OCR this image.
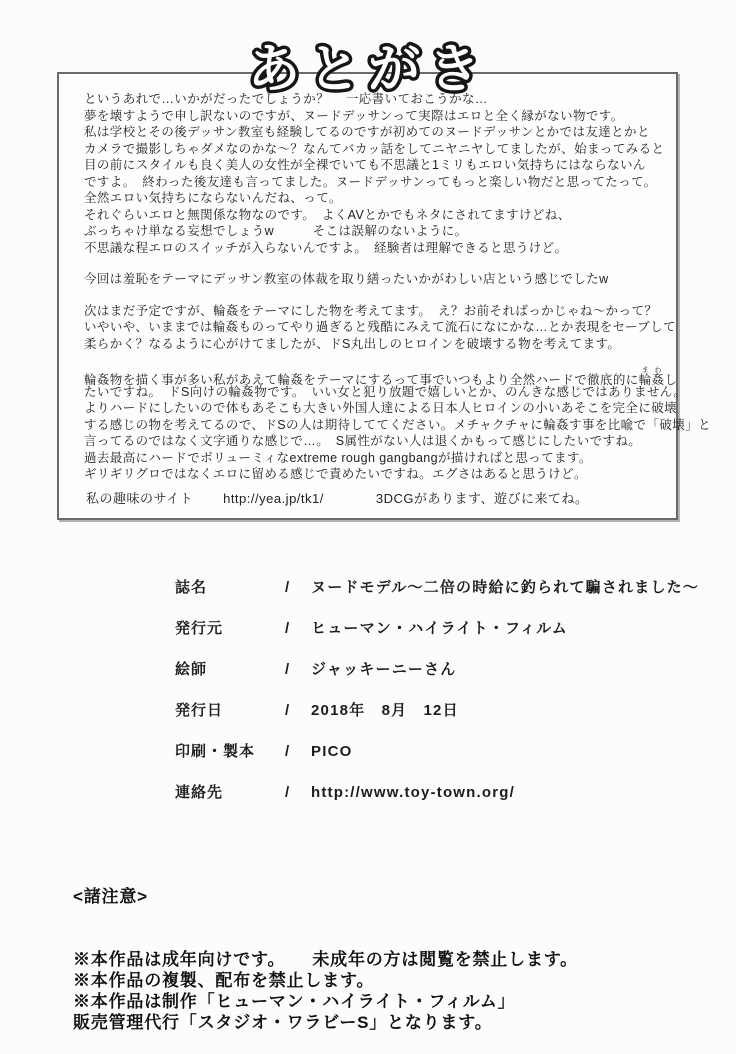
あとがき
というあれで…いかがだったでしょうか？　 一応書いておこうかな…
夢を壊すようで申し訳ないのですが、ヌードデッサンって実際はエロと全く縁がない物です。
私は学校とその後デッサン教室も経験してるのですが初めてのヌードデッサンとかでは友達とかと
カメラで撮影しちゃダメなのかな～？なんてバカッ話をしてニヤニヤしてましたが、始まってみると
目の前にスタイルも良く美人の女性が全裸でいても不思議と1ミリもエロい気持ちにはならないん
ですよ。　終わった後友達も言ってました。ヌードデッサンってもっと楽しい物だと思ってたって。
全然エロい気持ちにならないんだね、って。
それぐらいエロと無関係な物なのです。　よくAVとかでもネタにされてますけどね、
ぶっちゃけ単なる妄想でしょうw　　　そこは誤解のないように。
不思議な程エロのスイッチが入らないんですよ。　経験者は理解できると思うけど。
今回は羞恥をテーマにデッサン教室の体裁を取り繕ったいかがわしい店という感じでしたw
次はまだ予定ですが、輪姦をテーマにした物を考えてます。　え？お前そればっかじゃね～かって？
いやいや、いままでは輪姦ものってやり過ぎると残酷にみえて流石になにかな…とか表現をセーブして
柔らかく？なるように心がけてましたが、ドS丸出しのヒロインを破壊する物を考えてます。
輪姦物を描く事が多い私があえて輪姦をテーマにするって事でいつもより全然ハードで徹底的に輪姦まわし
たいですね。　ドS向けの輪姦物です。　いい女と犯り放題で嬉しいとか、のんきな感じではありません。
よりハードにしたいので体もあそこも大きい外国人達による日本人ヒロインの小いあそこを完全に破壊
する感じの物を考えてるので、ドSの人は期待しててください。メチャクチャに輪姦す事を比喩で「破壊」と
言ってるのではなく文字通りな感じで…。　S属性がない人は退くかもって感じにしたいですね。
過去最高にハードでボリューミィなextreme rough gangbangが描ければと思ってます。
ギリギリグロではなくエロに留める感じで責めたいですね。エグさはあると思うけど。
私の趣味のサイト http://yea.jp/tk1/	3DCGがあります、遊びに来てね。
誌名	/	ヌードモデル～二倍の時給に釣られて騙されました～
発行元	/	ヒューマン・ハイライト・フィルム
絵師	/	ジャッキーニーさん
発行日	/	2018年　8月　12日
印刷・製本	/	PICO
連絡先	/	http://www.toy-town.org/

<諸注意>

※本作品は成年向けです。　　未成年の方は閲覧を禁止します。
※本作品の複製、配布を禁止します。
※本作品は制作「ヒューマン・ハイライト・フィルム」
販売管理代行「スタジオ・ワラビーS」となります。
